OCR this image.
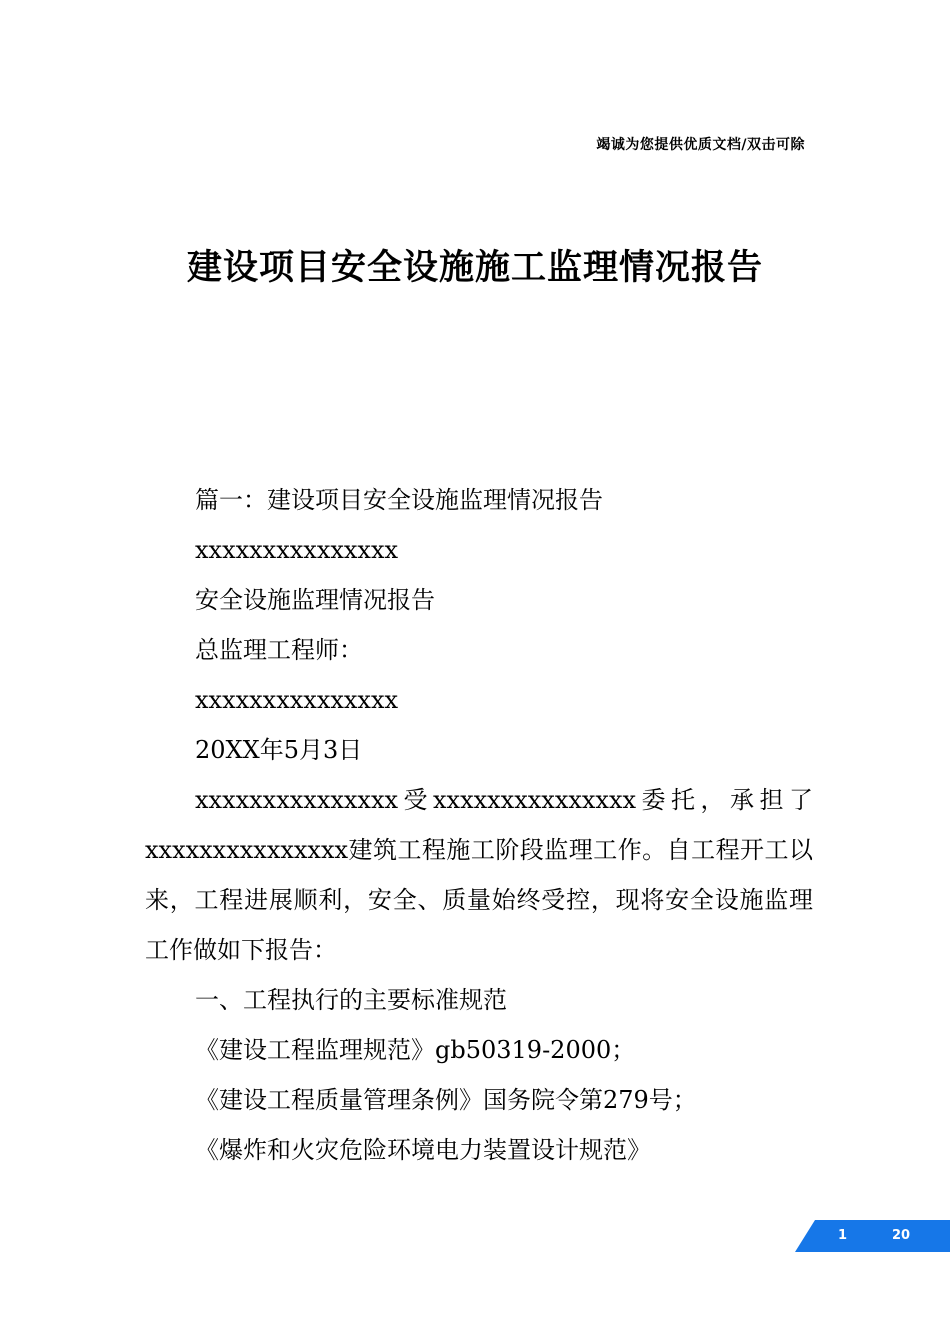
竭诚为您提供优质文档/双击可除
建设项目安全设施施工监理情况报告

篇一：建设项目安全设施监理情况报告

xxxxxxxxxxxxxxx

安全设施监理情况报告

总监理工程师：

xxxxxxxxxxxxxxx

20XX年5月3日

xxxxxxxxxxxxxxx受xxxxxxxxxxxxxxx委托，承担了xxxxxxxxxxxxxxx建筑工程施工阶段监理工作。自工程开工以来，工程进展顺利，安全、质量始终受控，现将安全设施监理工作做如下报告：

一、工程执行的主要标准规范

《建设工程监理规范》gb50319-2000；

《建设工程质量管理条例》国务院令第279号；

《爆炸和火灾危险环境电力装置设计规范》

1	20
